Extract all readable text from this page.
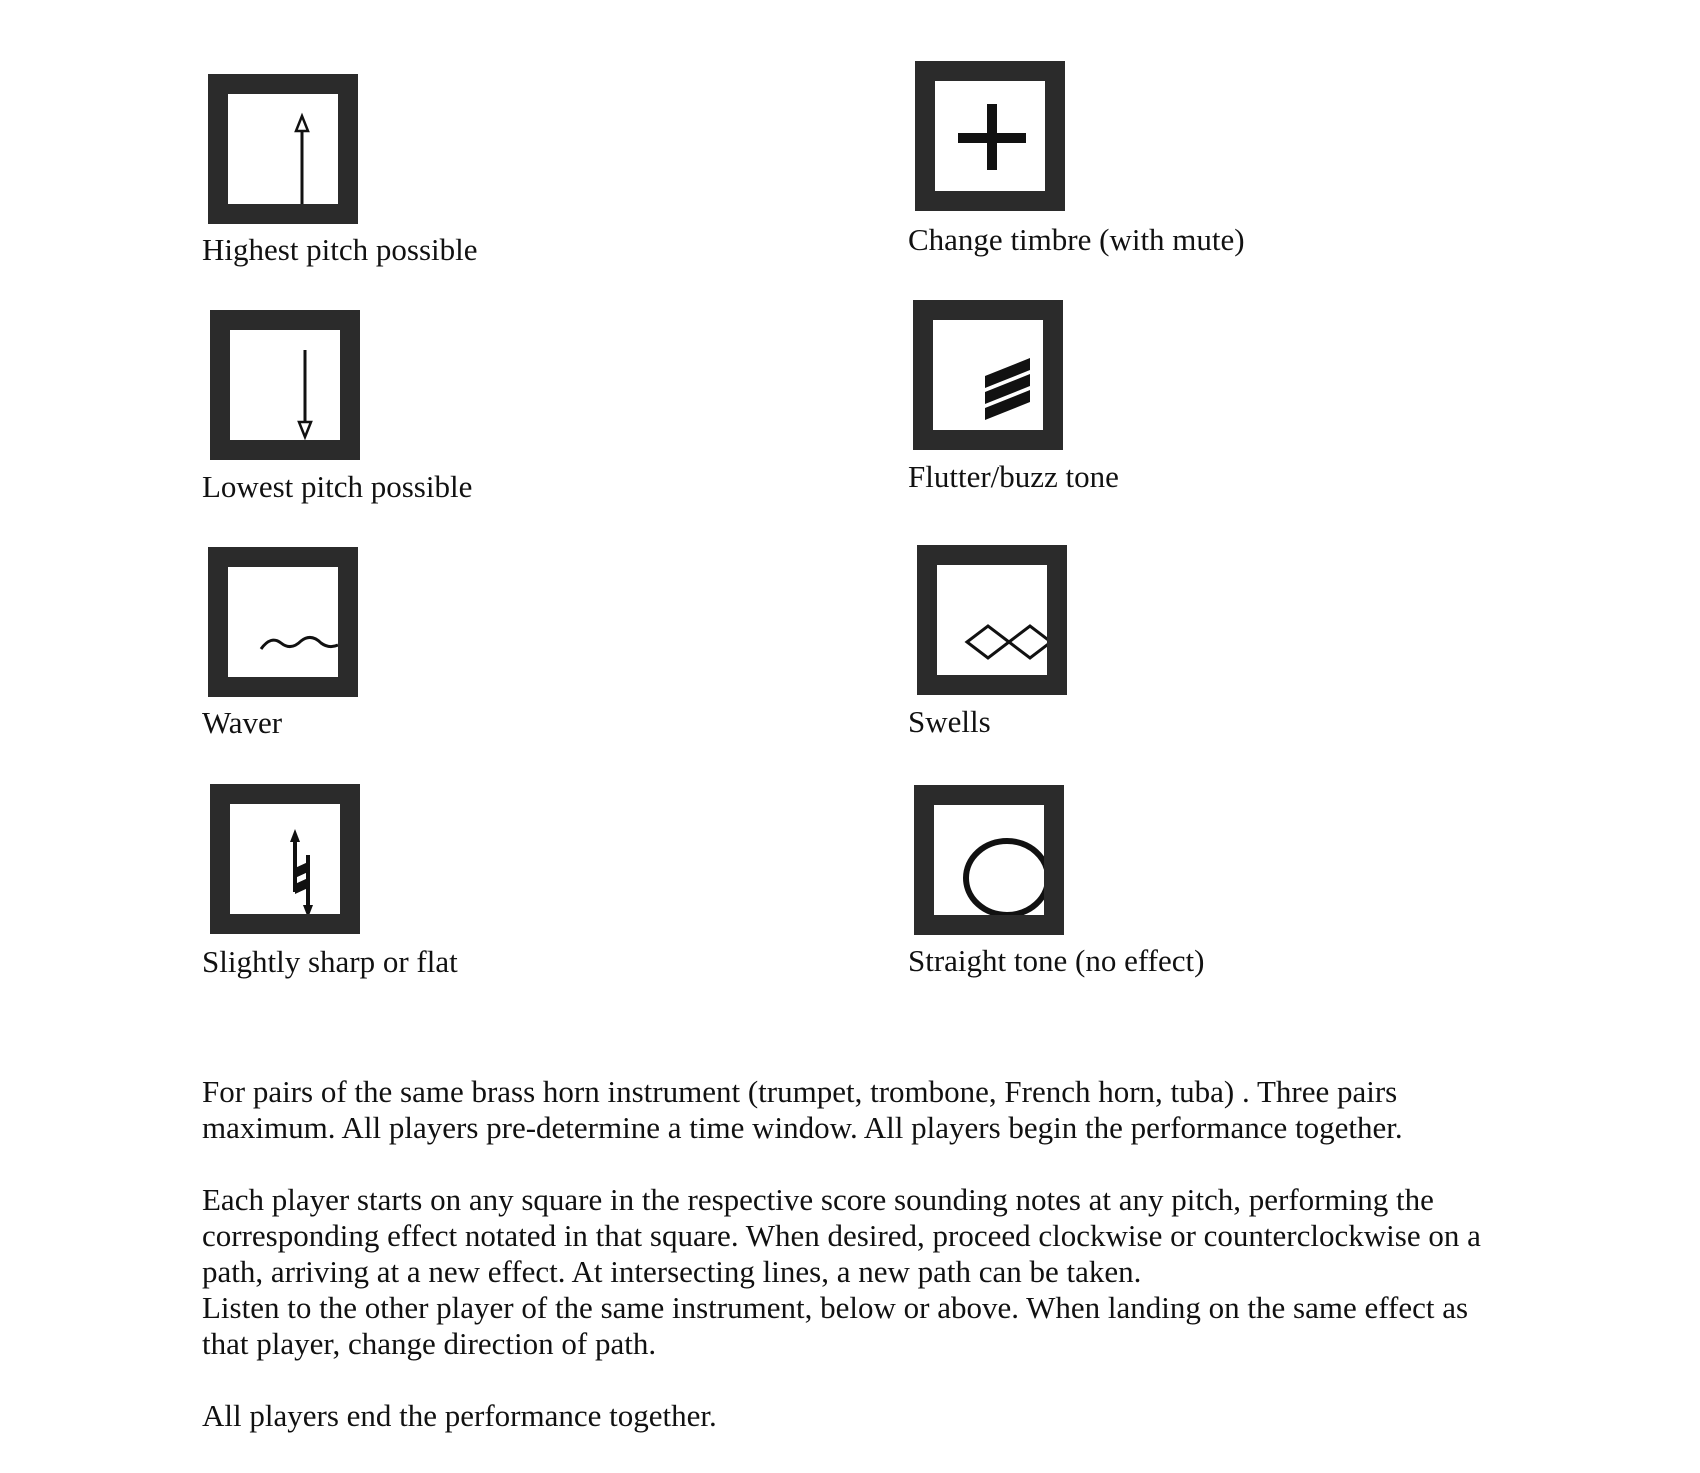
Highest pitch possible	Change timbre (with mute)
Lowest pitch possible	Flutter/buzz tone
Waver	Swells
Slightly sharp or flat	Straight tone (no effect)

For pairs of the same brass horn instrument (trumpet, trombone, French horn, tuba) . Three pairs maximum. All players pre-determine a time window. All players begin the performance together.

Each player starts on any square in the respective score sounding notes at any pitch, performing the corresponding effect notated in that square. When desired, proceed clockwise or counterclockwise on a path, arriving at a new effect. At intersecting lines, a new path can be taken.

Listen to the other player of the same instrument, below or above. When landing on the same effect as that player, change direction of path.

All players end the performance together.
